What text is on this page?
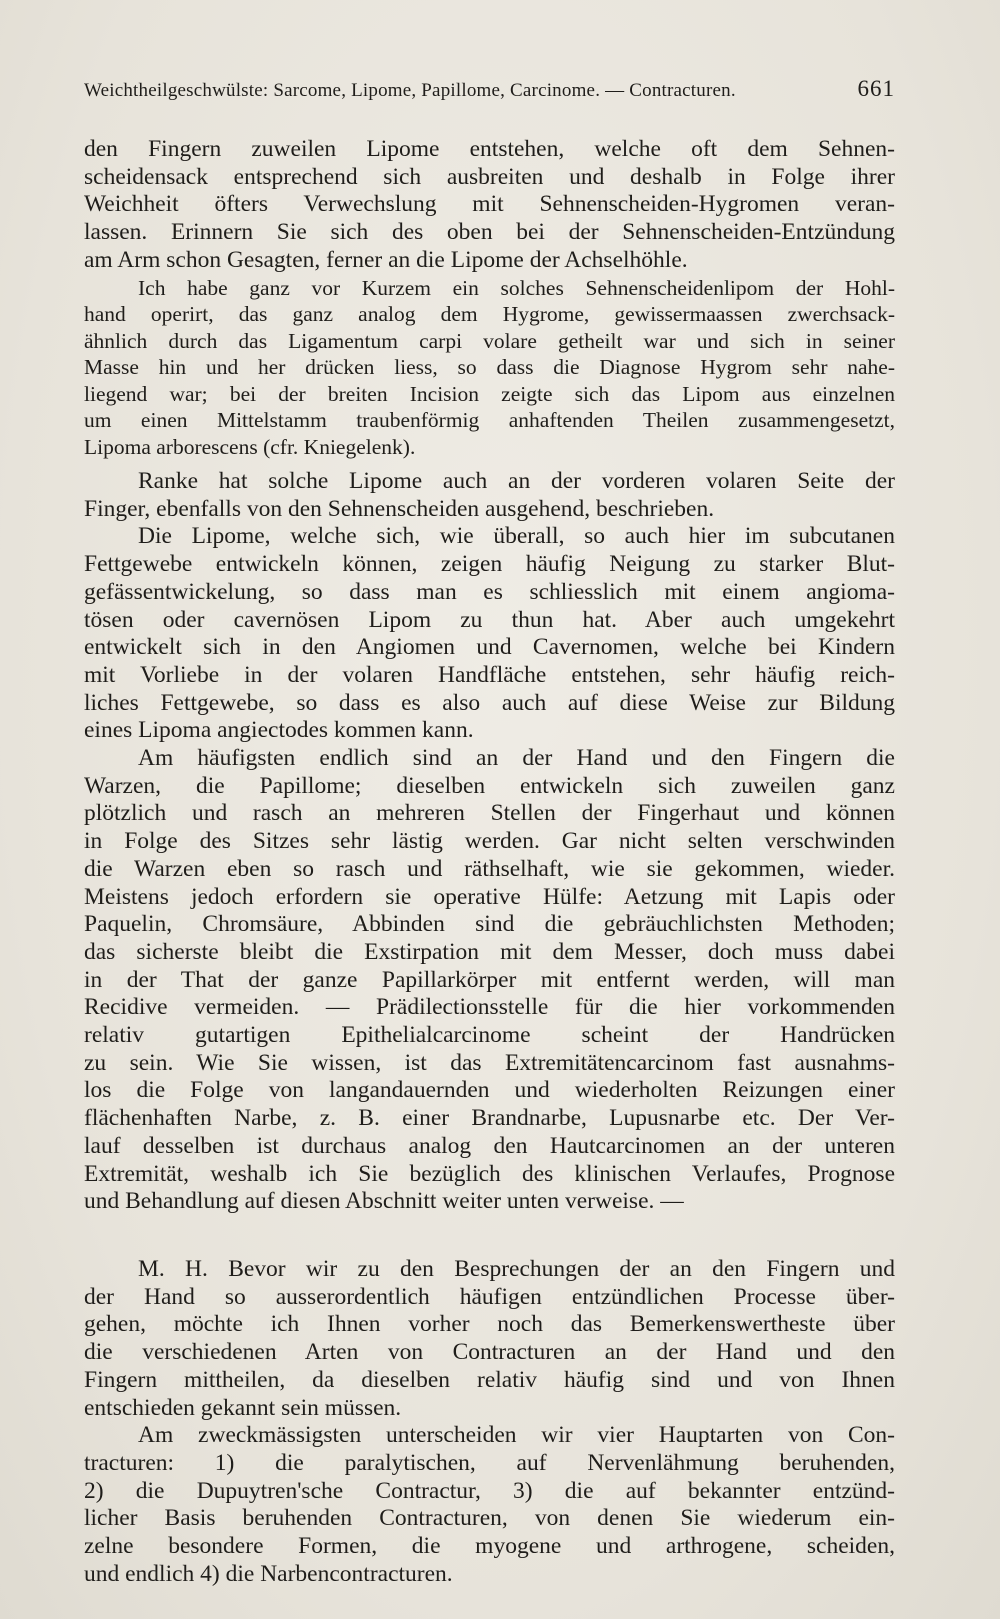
Weichtheilgeschwülste: Sarcome, Lipome, Papillome, Carcinome. — Contracturen.	661
den Fingern zuweilen Lipome entstehen, welche oft dem Sehnen-
scheidensack entsprechend sich ausbreiten und deshalb in Folge ihrer
Weichheit öfters Verwechslung mit Sehnenscheiden-Hygromen veran-
lassen. Erinnern Sie sich des oben bei der Sehnenscheiden-Entzündung
am Arm schon Gesagten, ferner an die Lipome der Achselhöhle.
Ich habe ganz vor Kurzem ein solches Sehnenscheidenlipom der Hohl-
hand operirt, das ganz analog dem Hygrome, gewissermaassen zwerchsack-
ähnlich durch das Ligamentum carpi volare getheilt war und sich in seiner
Masse hin und her drücken liess, so dass die Diagnose Hygrom sehr nahe-
liegend war; bei der breiten Incision zeigte sich das Lipom aus einzelnen
um einen Mittelstamm traubenförmig anhaftenden Theilen zusammengesetzt,
Lipoma arborescens (cfr. Kniegelenk).
Ranke hat solche Lipome auch an der vorderen volaren Seite der
Finger, ebenfalls von den Sehnenscheiden ausgehend, beschrieben.
Die Lipome, welche sich, wie überall, so auch hier im subcutanen
Fettgewebe entwickeln können, zeigen häufig Neigung zu starker Blut-
gefässentwickelung, so dass man es schliesslich mit einem angioma-
tösen oder cavernösen Lipom zu thun hat. Aber auch umgekehrt
entwickelt sich in den Angiomen und Cavernomen, welche bei Kindern
mit Vorliebe in der volaren Handfläche entstehen, sehr häufig reich-
liches Fettgewebe, so dass es also auch auf diese Weise zur Bildung
eines Lipoma angiectodes kommen kann.
Am häufigsten endlich sind an der Hand und den Fingern die
Warzen, die Papillome; dieselben entwickeln sich zuweilen ganz
plötzlich und rasch an mehreren Stellen der Fingerhaut und können
in Folge des Sitzes sehr lästig werden. Gar nicht selten verschwinden
die Warzen eben so rasch und räthselhaft, wie sie gekommen, wieder.
Meistens jedoch erfordern sie operative Hülfe: Aetzung mit Lapis oder
Paquelin, Chromsäure, Abbinden sind die gebräuchlichsten Methoden;
das sicherste bleibt die Exstirpation mit dem Messer, doch muss dabei
in der That der ganze Papillarkörper mit entfernt werden, will man
Recidive vermeiden. — Prädilectionsstelle für die hier vorkommenden
relativ gutartigen Epithelialcarcinome scheint der Handrücken
zu sein. Wie Sie wissen, ist das Extremitätencarcinom fast ausnahms-
los die Folge von langandauernden und wiederholten Reizungen einer
flächenhaften Narbe, z. B. einer Brandnarbe, Lupusnarbe etc. Der Ver-
lauf desselben ist durchaus analog den Hautcarcinomen an der unteren
Extremität, weshalb ich Sie bezüglich des klinischen Verlaufes, Prognose
und Behandlung auf diesen Abschnitt weiter unten verweise. —
M. H. Bevor wir zu den Besprechungen der an den Fingern und
der Hand so ausserordentlich häufigen entzündlichen Processe über-
gehen, möchte ich Ihnen vorher noch das Bemerkenswertheste über
die verschiedenen Arten von Contracturen an der Hand und den
Fingern mittheilen, da dieselben relativ häufig sind und von Ihnen
entschieden gekannt sein müssen.
Am zweckmässigsten unterscheiden wir vier Hauptarten von Con-
tracturen: 1) die paralytischen, auf Nervenlähmung beruhenden,
2) die Dupuytren'sche Contractur, 3) die auf bekannter entzünd-
licher Basis beruhenden Contracturen, von denen Sie wiederum ein-
zelne besondere Formen, die myogene und arthrogene, scheiden,
und endlich 4) die Narbencontracturen.
